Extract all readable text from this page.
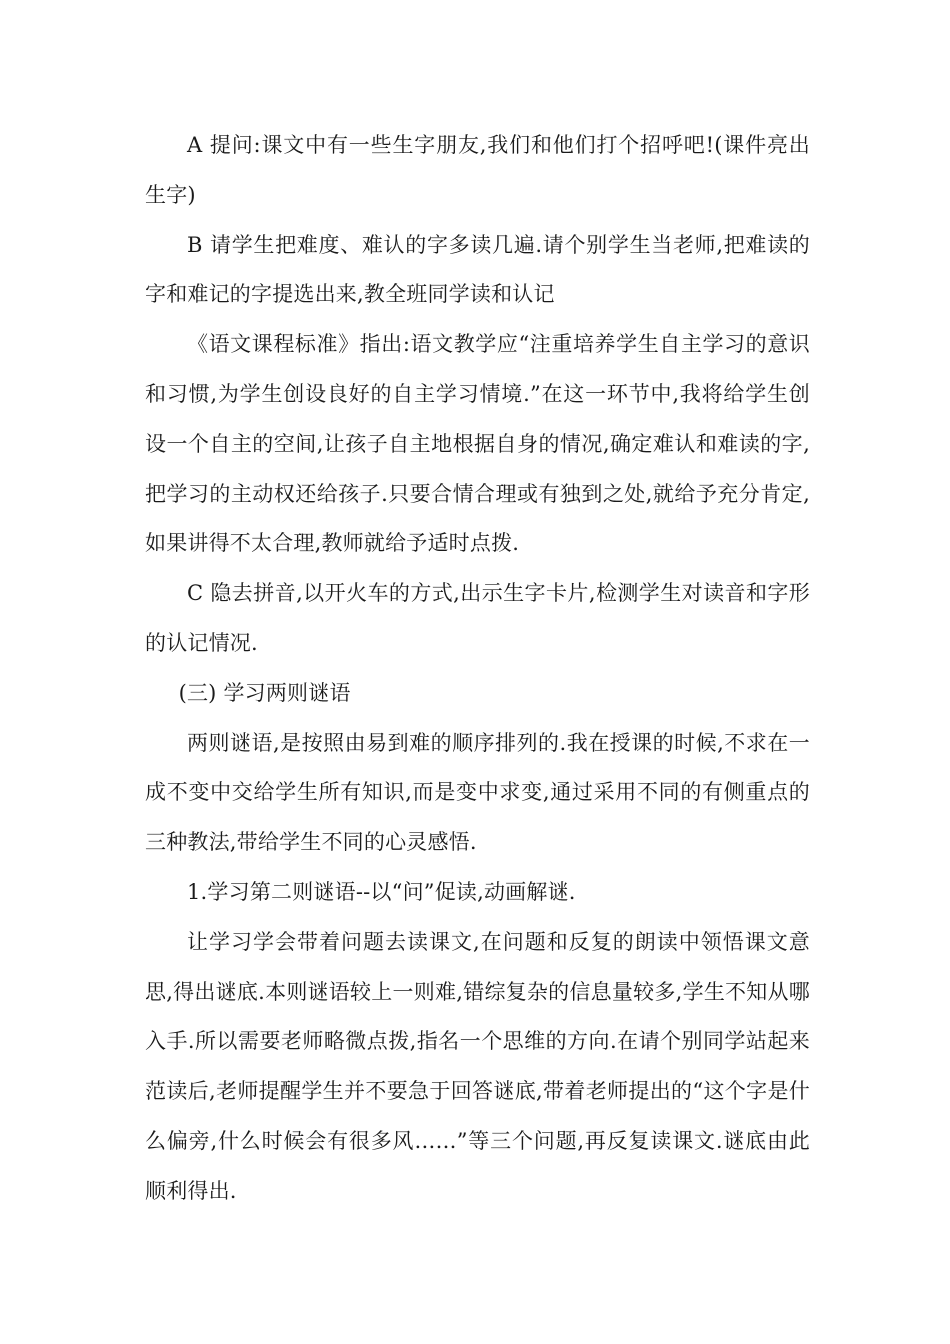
A 提问:课文中有一些生字朋友,我们和他们打个招呼吧!(课件亮出生字)

B 请学生把难度、难认的字多读几遍.请个别学生当老师,把难读的字和难记的字提选出来,教全班同学读和认记

《语文课程标准》指出:语文教学应“注重培养学生自主学习的意识和习惯,为学生创设良好的自主学习情境.”在这一环节中,我将给学生创设一个自主的空间,让孩子自主地根据自身的情况,确定难认和难读的字,把学习的主动权还给孩子.只要合情合理或有独到之处,就给予充分肯定,如果讲得不太合理,教师就给予适时点拨.

C 隐去拼音,以开火车的方式,出示生字卡片,检测学生对读音和字形的认记情况.

(三) 学习两则谜语

两则谜语,是按照由易到难的顺序排列的.我在授课的时候,不求在一成不变中交给学生所有知识,而是变中求变,通过采用不同的有侧重点的三种教法,带给学生不同的心灵感悟.

1.学习第二则谜语--以“问”促读,动画解谜.

让学习学会带着问题去读课文,在问题和反复的朗读中领悟课文意思,得出谜底.本则谜语较上一则难,错综复杂的信息量较多,学生不知从哪入手.所以需要老师略微点拨,指名一个思维的方向.在请个别同学站起来范读后,老师提醒学生并不要急于回答谜底,带着老师提出的“这个字是什么偏旁,什么时候会有很多风……”等三个问题,再反复读课文.谜底由此顺利得出.
